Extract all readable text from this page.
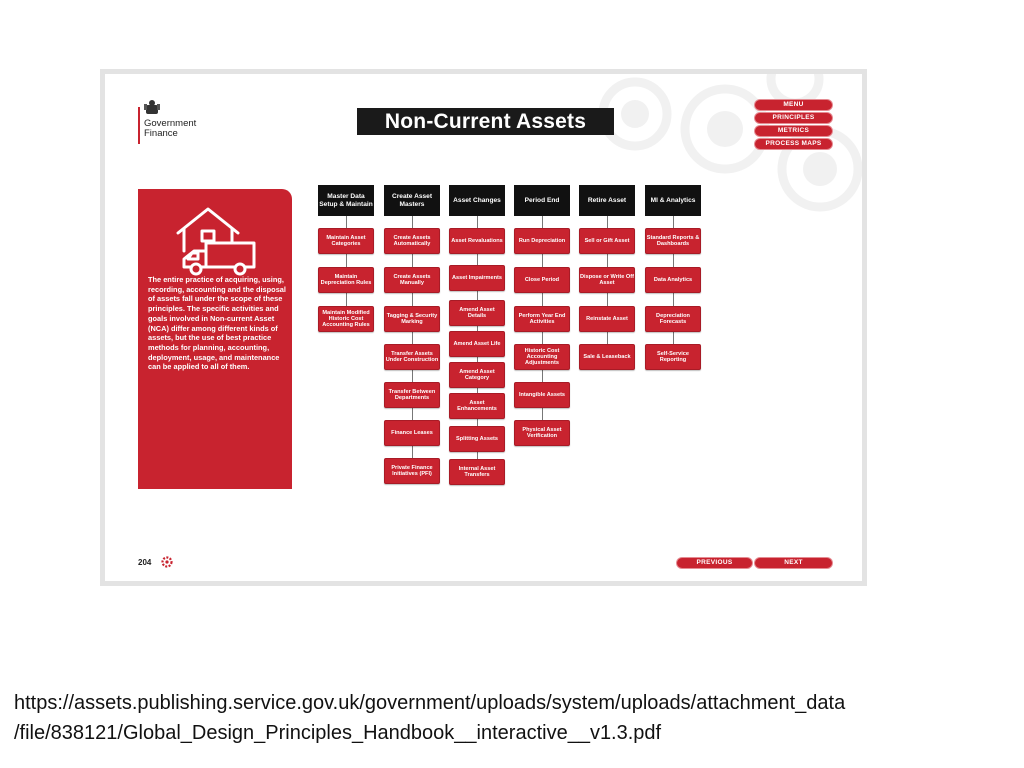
Government
Finance
Non-Current Assets
MENU
PRINCIPLES
METRICS
PROCESS MAPS

The entire practice of acquiring, using, recording, accounting and the disposal of assets fall under the scope of these principles. The specific activities and goals involved in Non-current Asset (NCA) differ among different kinds of assets, but the use of best practice methods for planning, accounting, deployment, usage, and maintenance can be applied to all of them.

Master Data Setup & Maintain
Maintain Asset Categories
Maintain Depreciation Rules
Maintain Modified Historic Cost Accounting Rules
Create Asset Masters
Create Assets Automatically
Create Assets Manually
Tagging & Security Marking
Transfer Assets Under Construction
Transfer Between Departments
Finance Leases
Private Finance Initiatives (PFI)
Asset Changes
Asset Revaluations
Asset Impairments
Amend Asset Details
Amend Asset Life
Amend Asset Category
Asset Enhancements
Splitting Assets
Internal Asset Transfers
Period End
Run Depreciation
Close Period
Perform Year End Activities
Historic Cost Accounting Adjustments
Intangible Assets
Physical Asset Verification
Retire Asset
Sell or Gift Asset
Dispose or Write Off Asset
Reinstate Asset
Sale & Leaseback
MI & Analytics
Standard Reports & Dashboards
Data Analytics
Depreciation Forecasts
Self-Service Reporting
204	PREVIOUS	NEXT

https://assets.publishing.service.gov.uk/government/uploads/system/uploads/attachment_data
/file/838121/Global_Design_Principles_Handbook__interactive__v1.3.pdf
